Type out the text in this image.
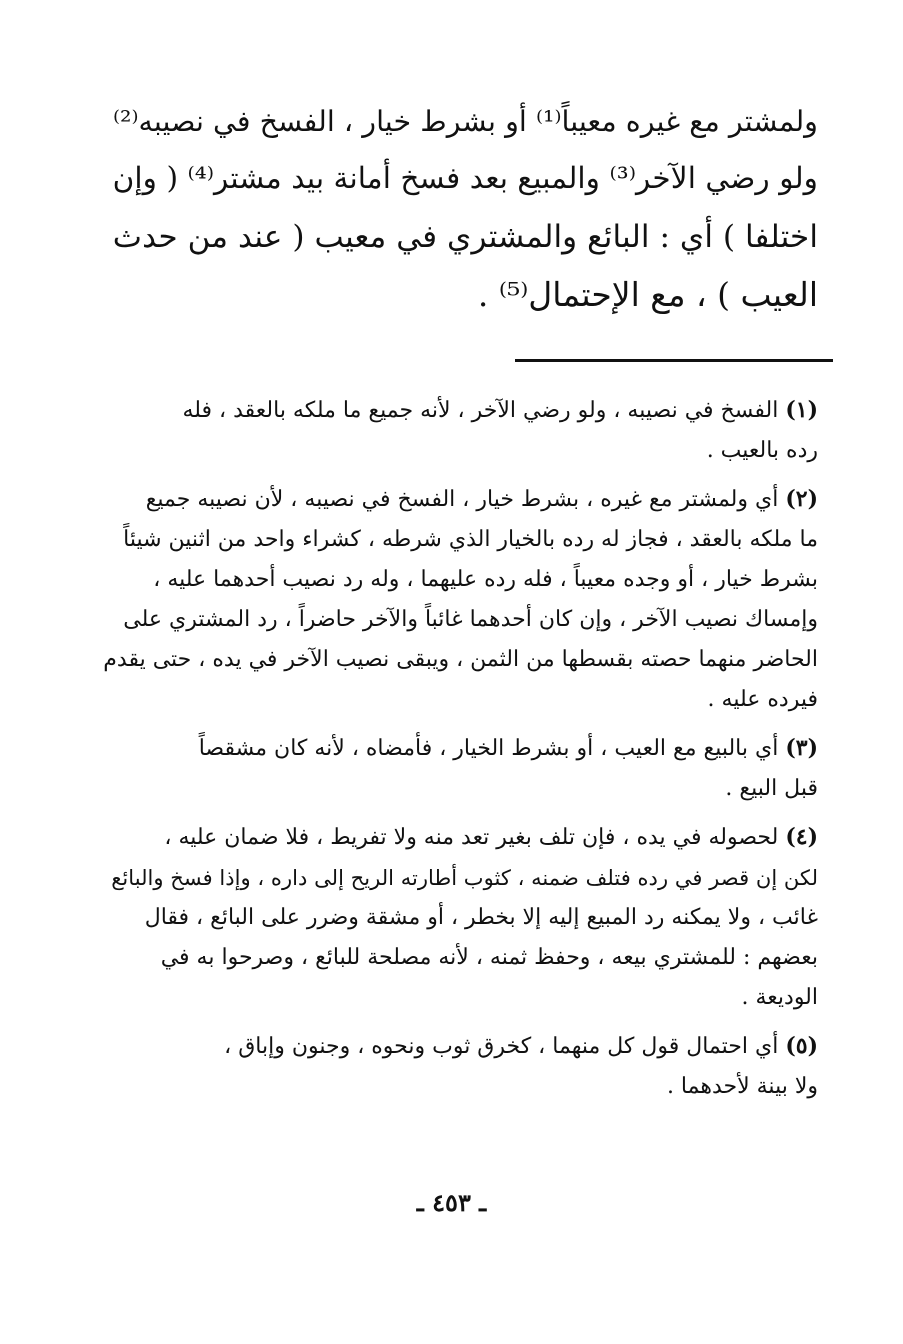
ولمشتر مع غيره معيباً⁽¹⁾ أو بشرط خيار ، الفسخ في نصيبه⁽²⁾
ولو رضي الآخر⁽³⁾ والمبيع بعد فسخ أمانة بيد مشتر⁽⁴⁾ ( وإن
اختلفا ) أي : البائع والمشتري في معيب ( عند من حدث
العيب ) ، مع الإحتمال⁽⁵⁾ .
(١) الفسخ في نصيبه ، ولو رضي الآخر ، لأنه جميع ما ملكه بالعقد ، فله
رده بالعيب .
(٢) أي ولمشتر مع غيره ، بشرط خيار ، الفسخ في نصيبه ، لأن نصيبه جميع
ما ملكه بالعقد ، فجاز له رده بالخيار الذي شرطه ، كشراء واحد من اثنين شيئاً
بشرط خيار ، أو وجده معيباً ، فله رده عليهما ، وله رد نصيب أحدهما عليه ،
وإمساك نصيب الآخر ، وإن كان أحدهما غائباً والآخر حاضراً ، رد المشتري على
الحاضر منهما حصته بقسطها من الثمن ، ويبقى نصيب الآخر في يده ، حتى يقدم
فيرده عليه .
(٣) أي بالبيع مع العيب ، أو بشرط الخيار ، فأمضاه ، لأنه كان مشقصاً
قبل البيع .
(٤) لحصوله في يده ، فإن تلف بغير تعد منه ولا تفريط ، فلا ضمان عليه ،
لكن إن قصر في رده فتلف ضمنه ، كثوب أطارته الريح إلى داره ، وإذا فسخ والبائع
غائب ، ولا يمكنه رد المبيع إليه إلا بخطر ، أو مشقة وضرر على البائع ، فقال
بعضهم : للمشتري بيعه ، وحفظ ثمنه ، لأنه مصلحة للبائع ، وصرحوا به في
الوديعة .
(٥) أي احتمال قول كل منهما ، كخرق ثوب ونحوه ، وجنون وإباق ،
ولا بينة لأحدهما .
ـ ٤٥٣ ـ
